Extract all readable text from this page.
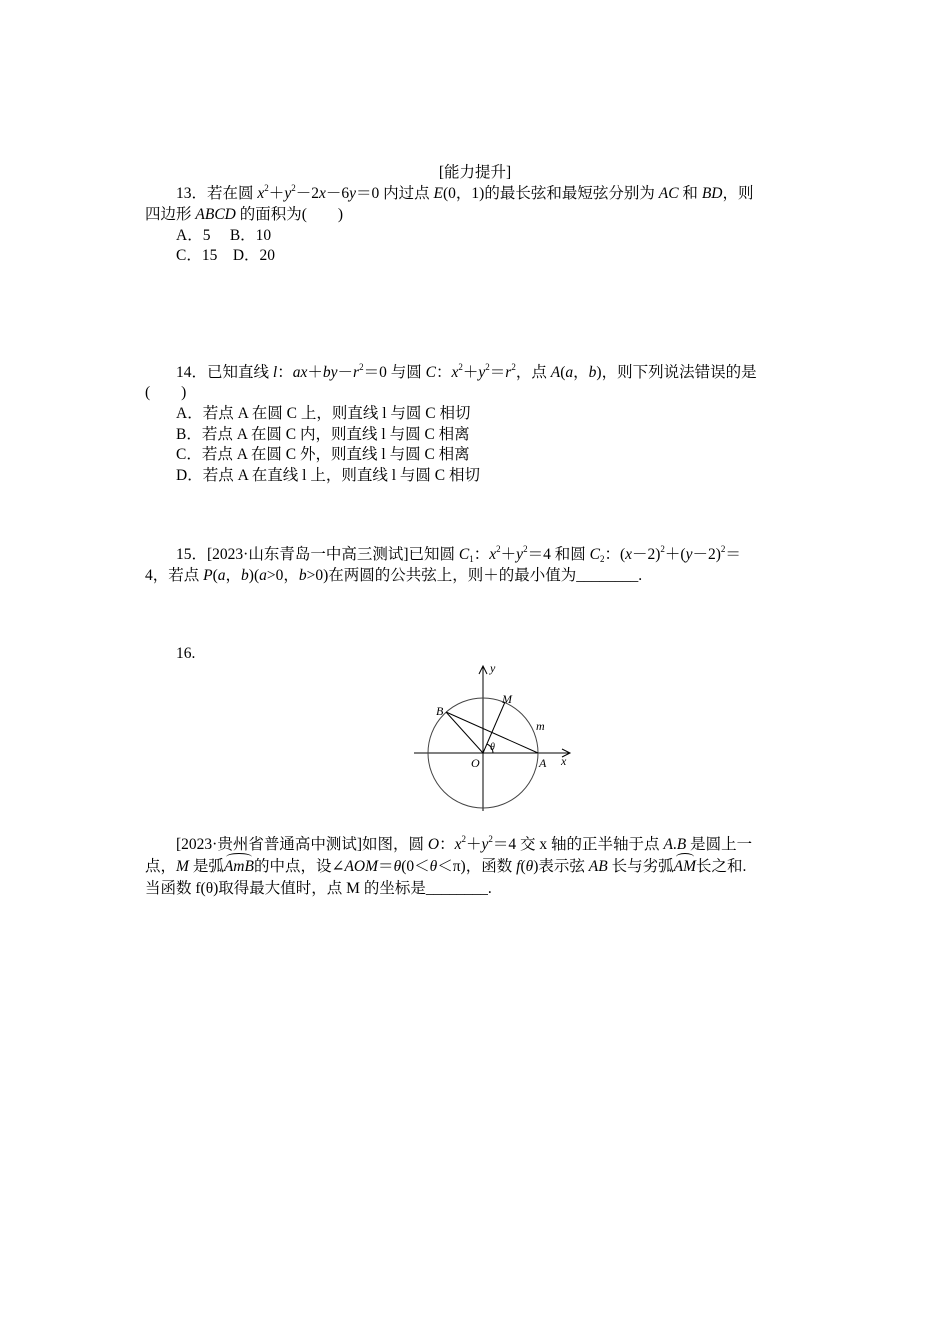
[能力提升]
13．若在圆 $x^2+y^2-2x-6y=0$ 内过点 E(0，1)的最长弦和最短弦分别为 AC 和 BD，则
四边形 ABCD 的面积为(　　)
A．5　 B．10
C．15　D．20
14．已知直线 l：$ax+by-r^2=0$ 与圆 C：$x^2+y^2=r^2$，点 A(a，b)，则下列说法错误的是
(　　)
A．若点 A 在圆 C 上，则直线 l 与圆 C 相切
B．若点 A 在圆 C 内，则直线 l 与圆 C 相离
C．若点 A 在圆 C 外，则直线 l 与圆 C 相离
D．若点 A 在直线 l 上，则直线 l 与圆 C 相切
15．[2023·山东青岛一中高三测试]已知圆 $C_1$：$x^2+y^2=4$ 和圆 $C_2$：$(x-2)^2+(y-2)^2=$
4，若点 P(a，b)(a>0，b>0)在两圆的公共弦上，则＋的最小值为________.
16.
y
x
O	A
B
M
m
θ
[2023·贵州省普通高中测试]如图，圆 O：$x^2+y^2=4$ 交 x 轴的正半轴于点 A.B 是圆上一
点，M 是弧AmB的中点，设∠AOM＝θ(0＜θ＜π)，函数 f(θ)表示弦 AB 长与劣弧AM长之和.
当函数 f(θ)取得最大值时，点 M 的坐标是________.
